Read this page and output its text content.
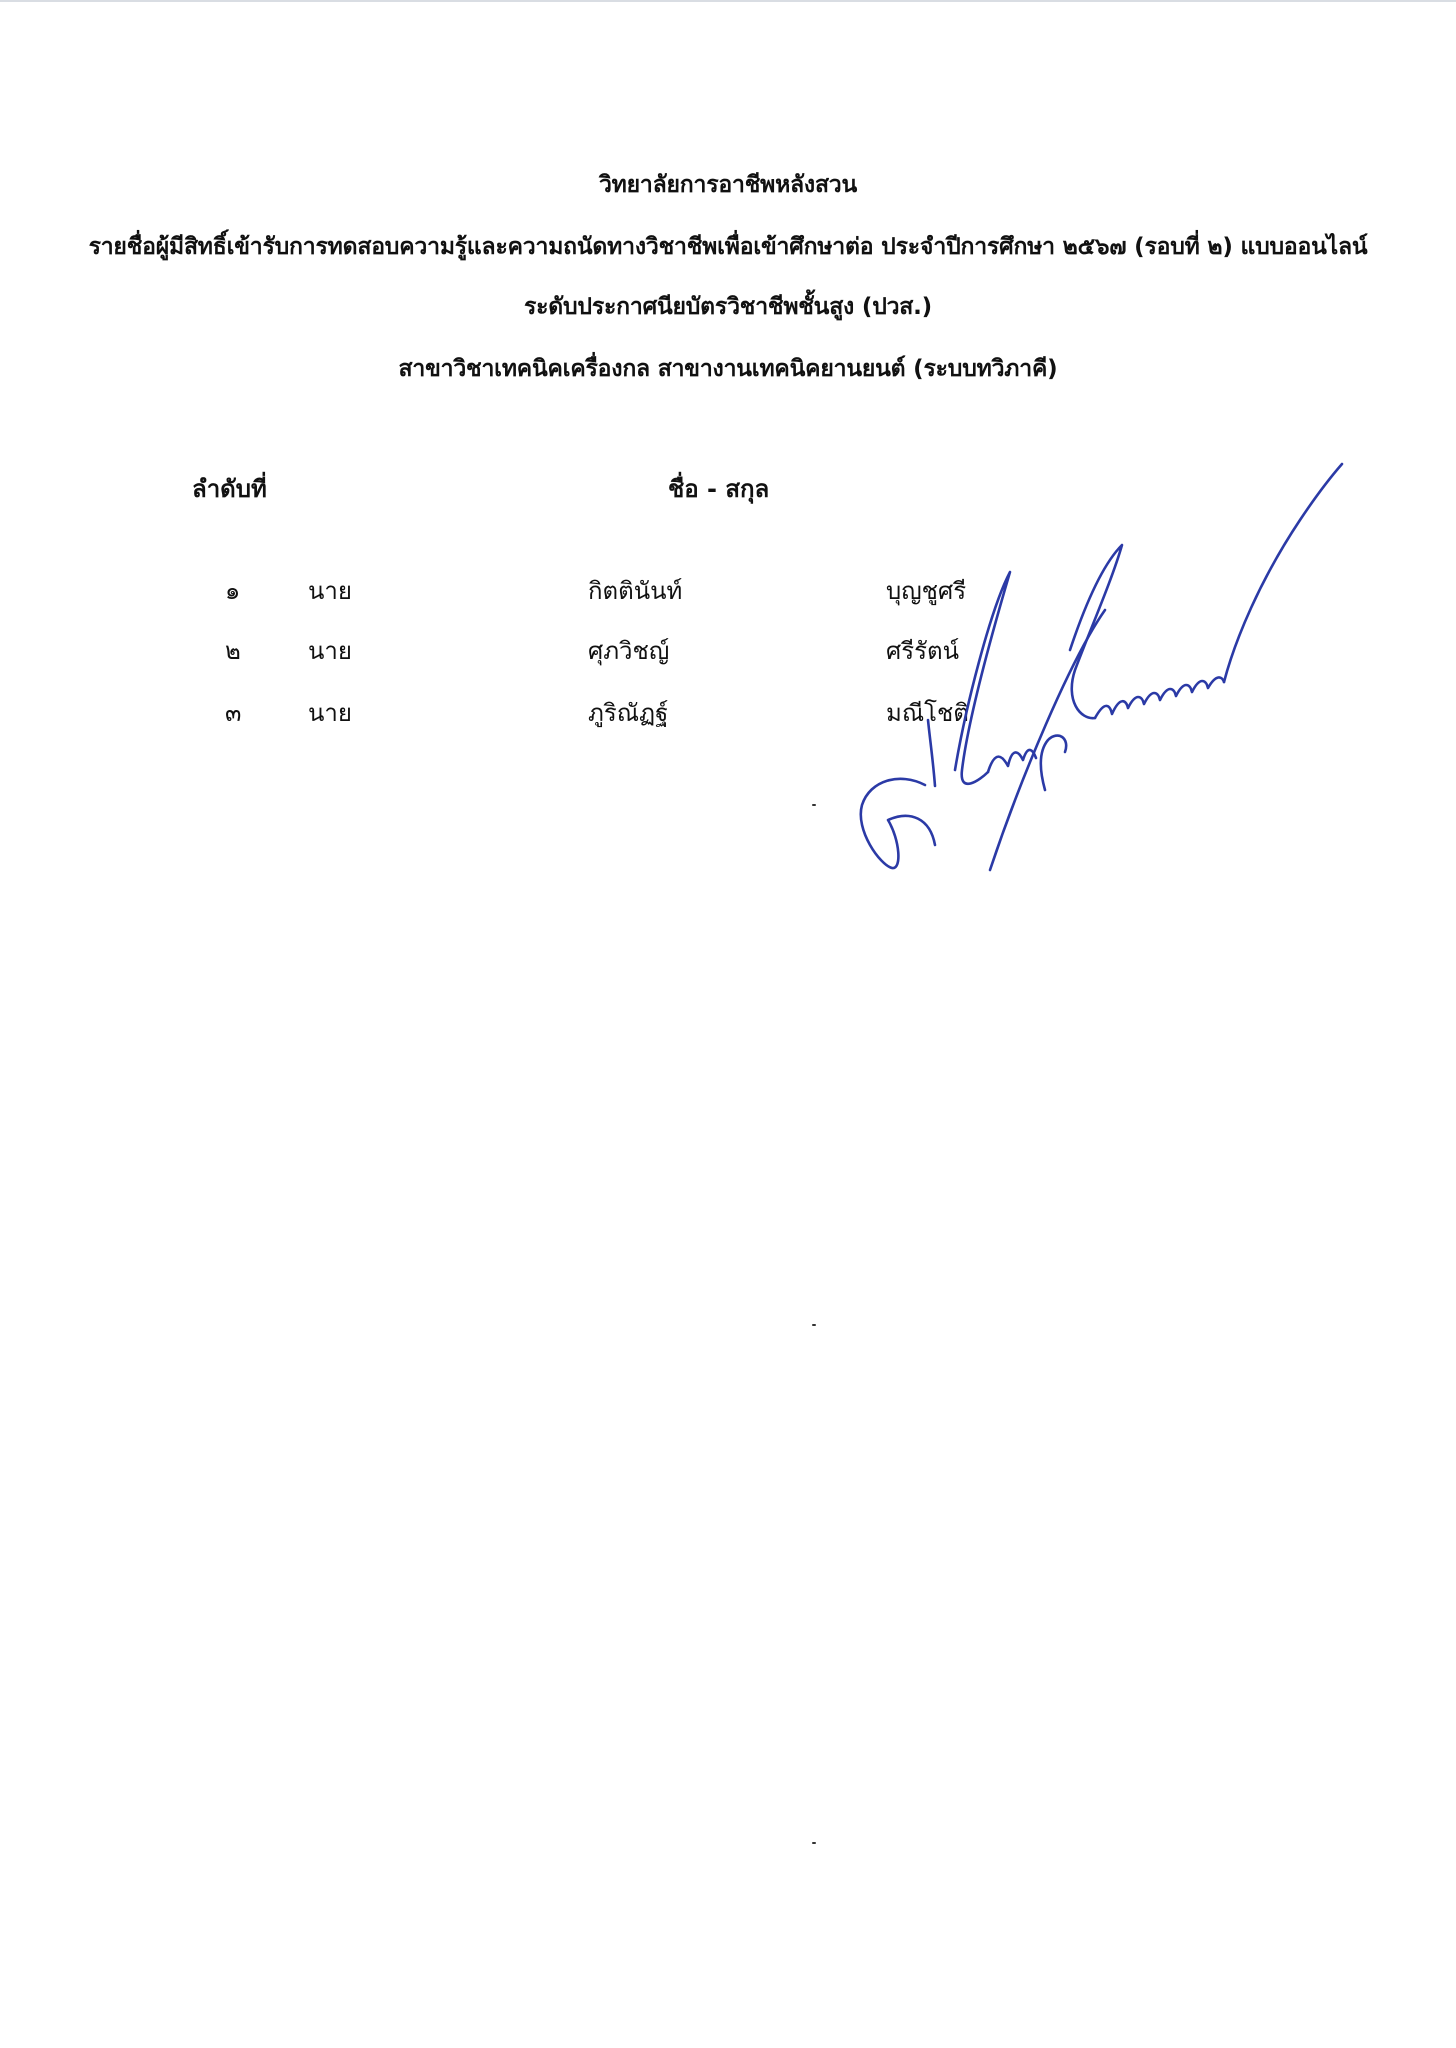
วิทยาลัยการอาชีพหลังสวน
รายชื่อผู้มีสิทธิ์เข้ารับการทดสอบความรู้และความถนัดทางวิชาชีพเพื่อเข้าศึกษาต่อ ประจำปีการศึกษา ๒๕๖๗ (รอบที่ ๒) แบบออนไลน์
ระดับประกาศนียบัตรวิชาชีพชั้นสูง (ปวส.)
สาขาวิชาเทคนิคเครื่องกล สาขางานเทคนิคยานยนต์ (ระบบทวิภาคี)
ลำดับที่	ชื่อ - สกุล
๑	นาย	กิตตินันท์	บุญชูศรี
๒	นาย	ศุภวิชญ์	ศรีรัตน์
๓	นาย	ภูริณัฏฐ์	มณีโชติ
